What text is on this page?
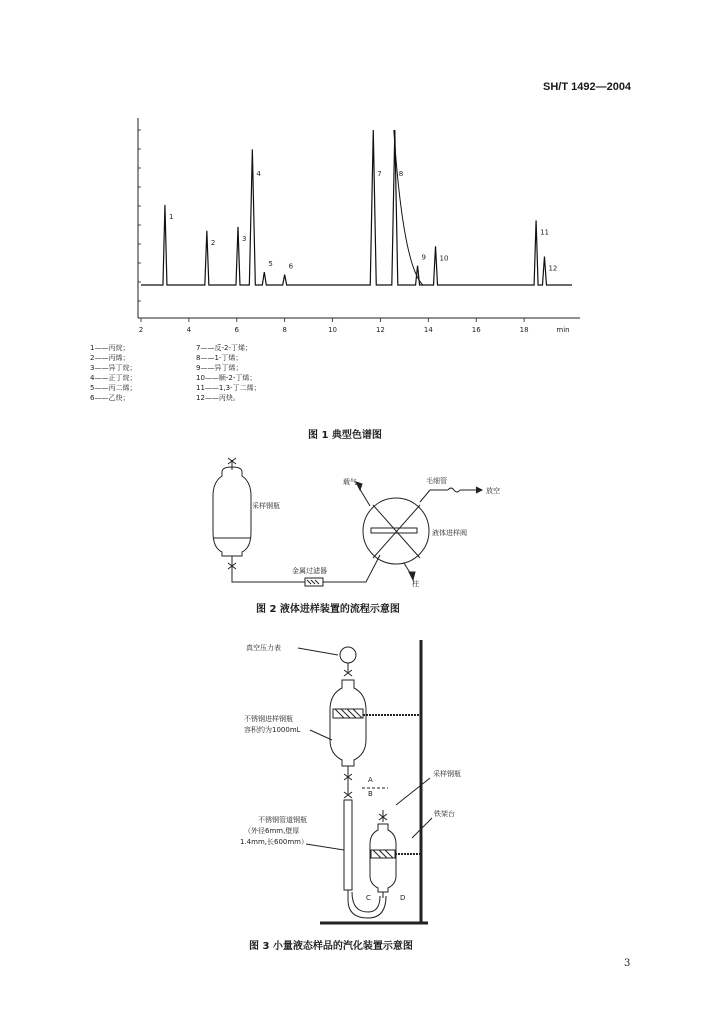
SH/T 1492—2004
2	4	6	8	10	12	14	16	18	min
1
2	3
4
5 6
7 8
9 10
11
12
1——丙烷；
2——丙烯；
3——异丁烷；
4——正丁烷；
5——丙二烯；
6——乙炔；
7——反-2-丁烯；
8——1-丁烯；
9——异丁烯；
10——顺-2-丁烯；
11——1,3-丁二烯；
12——丙炔。
图 1 典型色谱图
采样钢瓶
载气	毛细管
放空
液体进样阀
金属过滤器
柱
图 2 液体进样装置的流程示意图
真空压力表
不锈钢进样钢瓶
容积约为1000mL
不锈钢管道钢瓶
（外径6mm,壁厚
1.4mm,长600mm）
采样钢瓶
铁架台
A
B
C	D
图 3 小量液态样品的汽化装置示意图
3
